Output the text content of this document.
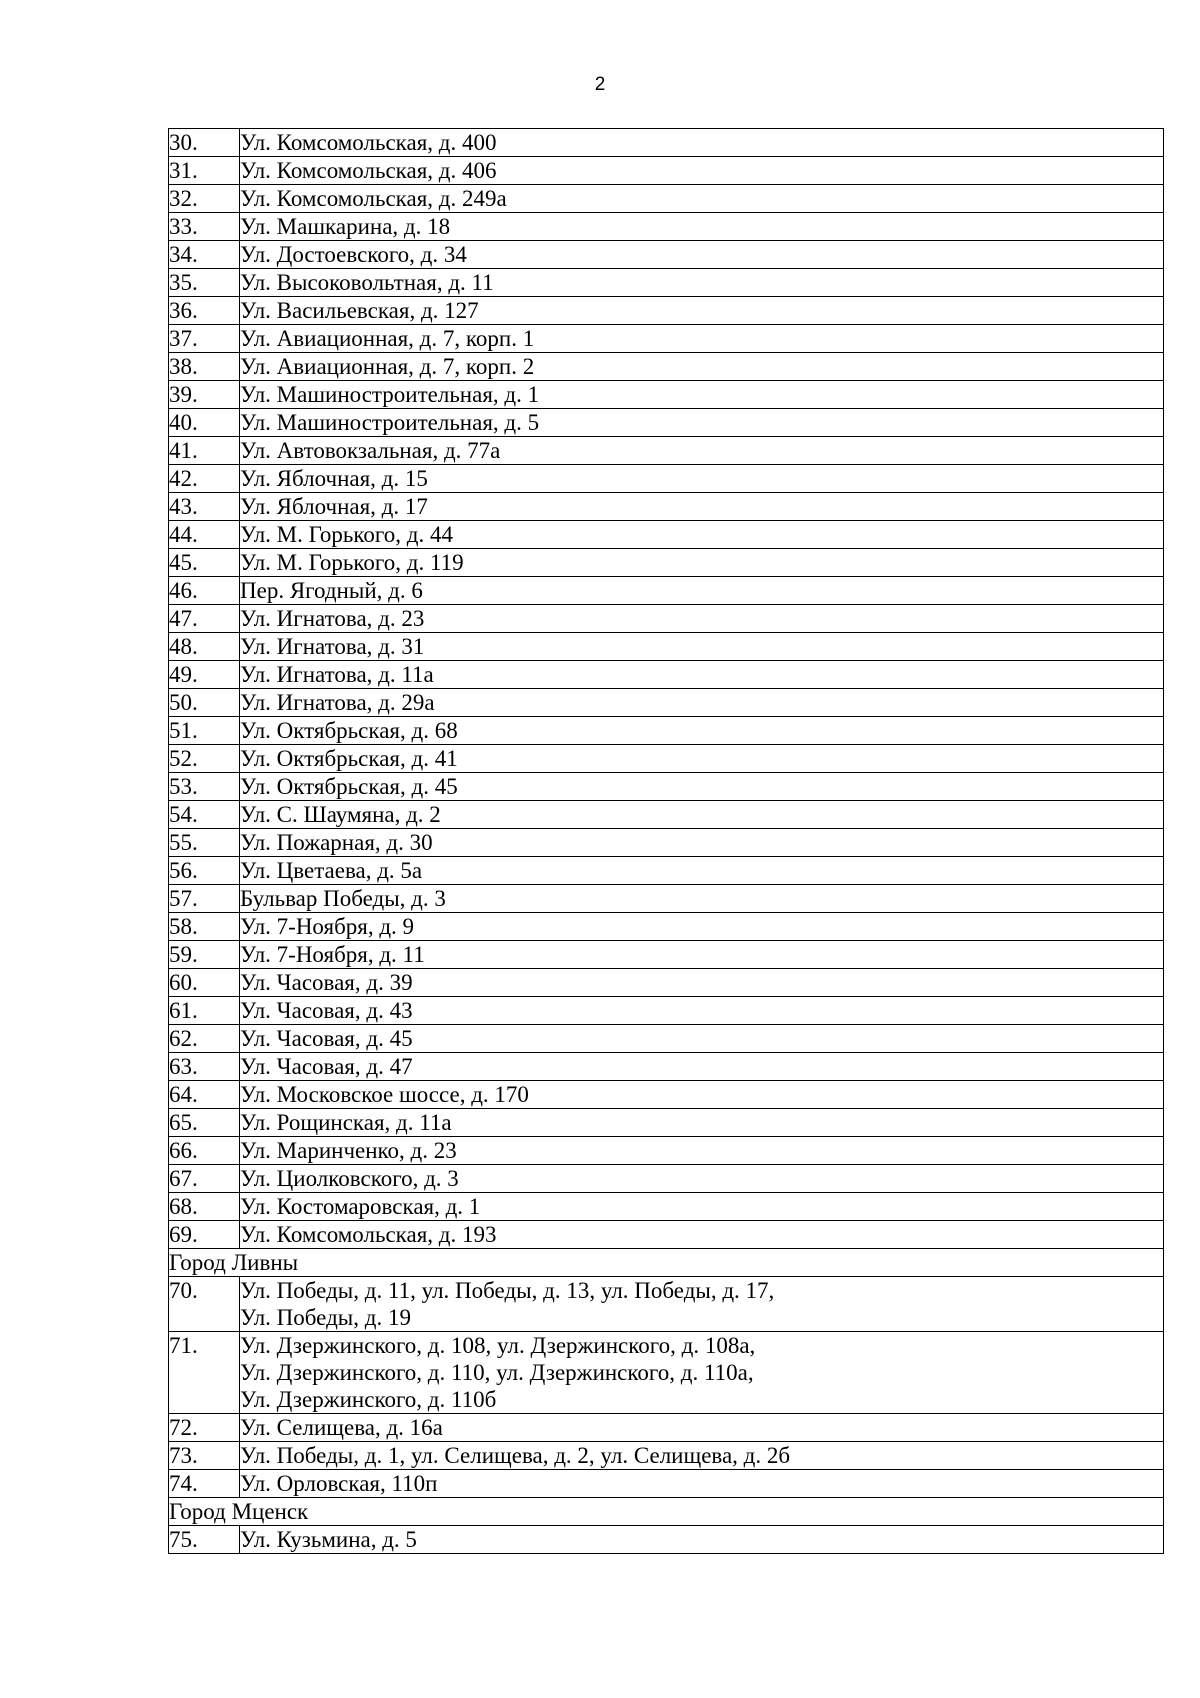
2
30.	Ул. Комсомольская, д. 400

31.	Ул. Комсомольская, д. 406

32.	Ул. Комсомольская, д. 249а

33.	Ул. Машкарина, д. 18

34.	Ул. Достоевского, д. 34

35.	Ул. Высоковольтная, д. 11

36.	Ул. Васильевская, д. 127

37.	Ул. Авиационная, д. 7, корп. 1

38.	Ул. Авиационная, д. 7, корп. 2

39.	Ул. Машиностроительная, д. 1

40.	Ул. Машиностроительная, д. 5

41.	Ул. Автовокзальная, д. 77а

42.	Ул. Яблочная, д. 15

43.	Ул. Яблочная, д. 17

44.	Ул. М. Горького, д. 44

45.	Ул. М. Горького, д. 119

46.	Пер. Ягодный, д. 6

47.	Ул. Игнатова, д. 23

48.	Ул. Игнатова, д. 31

49.	Ул. Игнатова, д. 11а

50.	Ул. Игнатова, д. 29а

51.	Ул. Октябрьская, д. 68

52.	Ул. Октябрьская, д. 41

53.	Ул. Октябрьская, д. 45

54.	Ул. С. Шаумяна, д. 2

55.	Ул. Пожарная, д. 30

56.	Ул. Цветаева, д. 5а

57.	Бульвар Победы, д. 3

58.	Ул. 7-Ноября, д. 9

59.	Ул. 7-Ноября, д. 11

60.	Ул. Часовая, д. 39

61.	Ул. Часовая, д. 43

62.	Ул. Часовая, д. 45

63.	Ул. Часовая, д. 47

64.	Ул. Московское шоссе, д. 170

65.	Ул. Рощинская, д. 11а

66.	Ул. Маринченко, д. 23

67.	Ул. Циолковского, д. 3

68.	Ул. Костомаровская, д. 1

69.	Ул. Комсомольская, д. 193

Город Ливны	
70.	Ул. Победы, д. 11, ул. Победы, д. 13, ул. Победы, д. 17,
Ул. Победы, д. 19

71.	Ул. Дзержинского, д. 108, ул. Дзержинского, д. 108а,
Ул. Дзержинского, д. 110, ул. Дзержинского, д. 110а,
Ул. Дзержинского, д. 110б

72.	Ул. Селищева, д. 16а

73.	Ул. Победы, д. 1, ул. Селищева, д. 2, ул. Селищева, д. 2б

74.	Ул. Орловская, 110п

Город Мценск	
75.	Ул. Кузьмина, д. 5
